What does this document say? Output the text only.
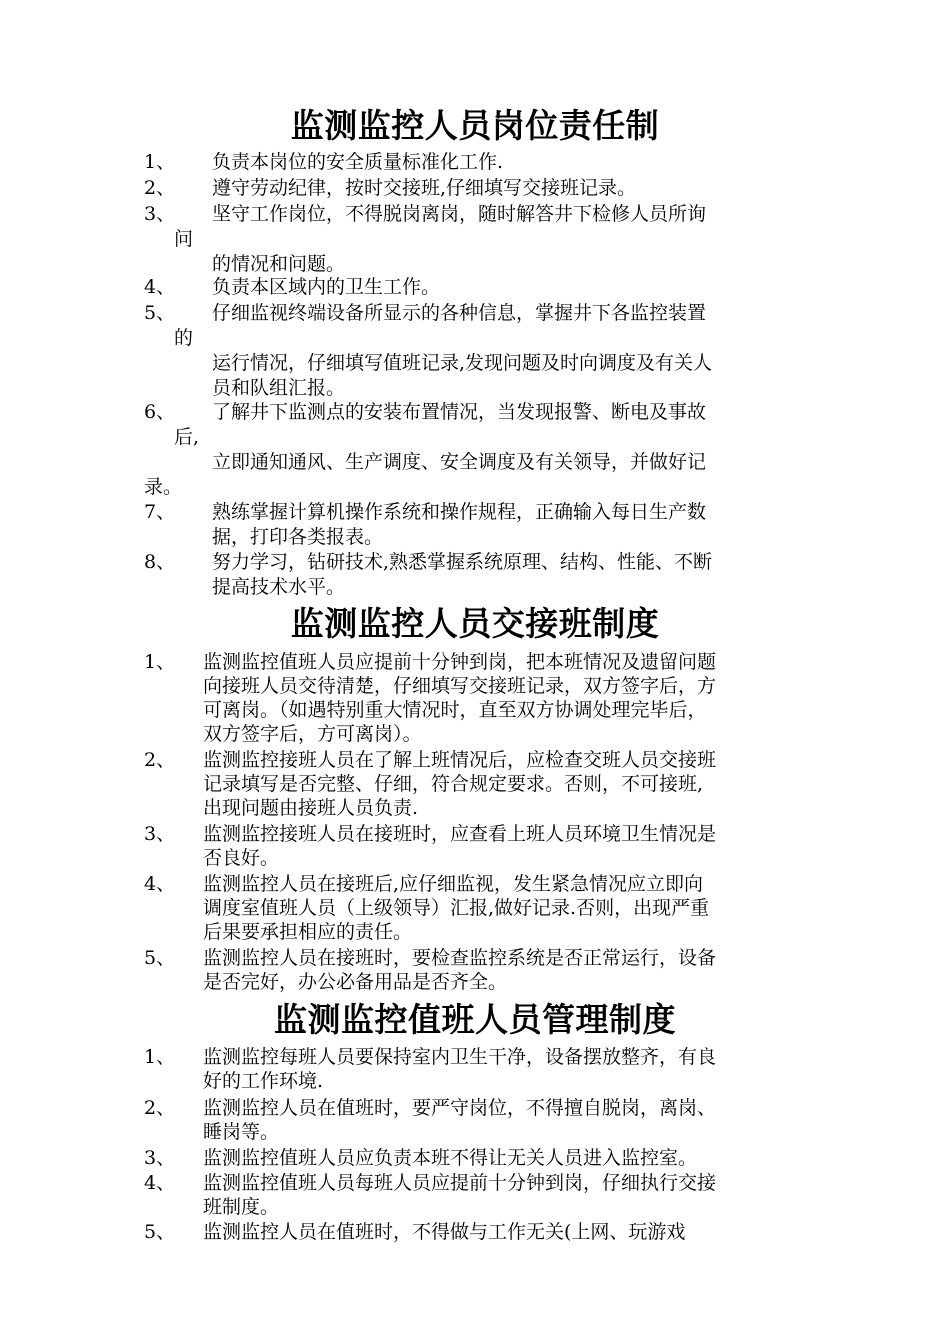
监测监控人员岗位责任制
1、 负责本岗位的安全质量标准化工作.
2、 遵守劳动纪律，按时交接班,仔细填写交接班记录。
3、 坚守工作岗位，不得脱岗离岗，随时解答井下检修人员所询
问
的情况和问题。
4、 负责本区域内的卫生工作。
5、 仔细监视终端设备所显示的各种信息，掌握井下各监控装置
的
运行情况，仔细填写值班记录,发现问题及时向调度及有关人
员和队组汇报。
6、 了解井下监测点的安装布置情况，当发现报警、断电及事故
后,
立即通知通风、生产调度、安全调度及有关领导，并做好记
录。
7、 熟练掌握计算机操作系统和操作规程，正确输入每日生产数
据，打印各类报表。
8、 努力学习，钻研技术,熟悉掌握系统原理、结构、性能、不断
提高技术水平。
监测监控人员交接班制度
1、 监测监控值班人员应提前十分钟到岗，把本班情况及遗留问题
向接班人员交待清楚，仔细填写交接班记录，双方签字后，方
可离岗。（如遇特别重大情况时，直至双方协调处理完毕后，
双方签字后，方可离岗）。
2、 监测监控接班人员在了解上班情况后，应检查交班人员交接班
记录填写是否完整、仔细，符合规定要求。否则，不可接班,
出现问题由接班人员负责.
3、 监测监控接班人员在接班时，应查看上班人员环境卫生情况是
否良好。
4、 监测监控人员在接班后,应仔细监视，发生紧急情况应立即向
调度室值班人员（上级领导）汇报,做好记录.否则，出现严重
后果要承担相应的责任。
5、 监测监控人员在接班时，要检查监控系统是否正常运行，设备
是否完好，办公必备用品是否齐全。
监测监控值班人员管理制度
1、 监测监控每班人员要保持室内卫生干净，设备摆放整齐，有良
好的工作环境.
2、 监测监控人员在值班时，要严守岗位，不得擅自脱岗，离岗、
睡岗等。
3、 监测监控值班人员应负责本班不得让无关人员进入监控室。
4、 监测监控值班人员每班人员应提前十分钟到岗，仔细执行交接
班制度。
5、 监测监控人员在值班时，不得做与工作无关(上网、玩游戏
